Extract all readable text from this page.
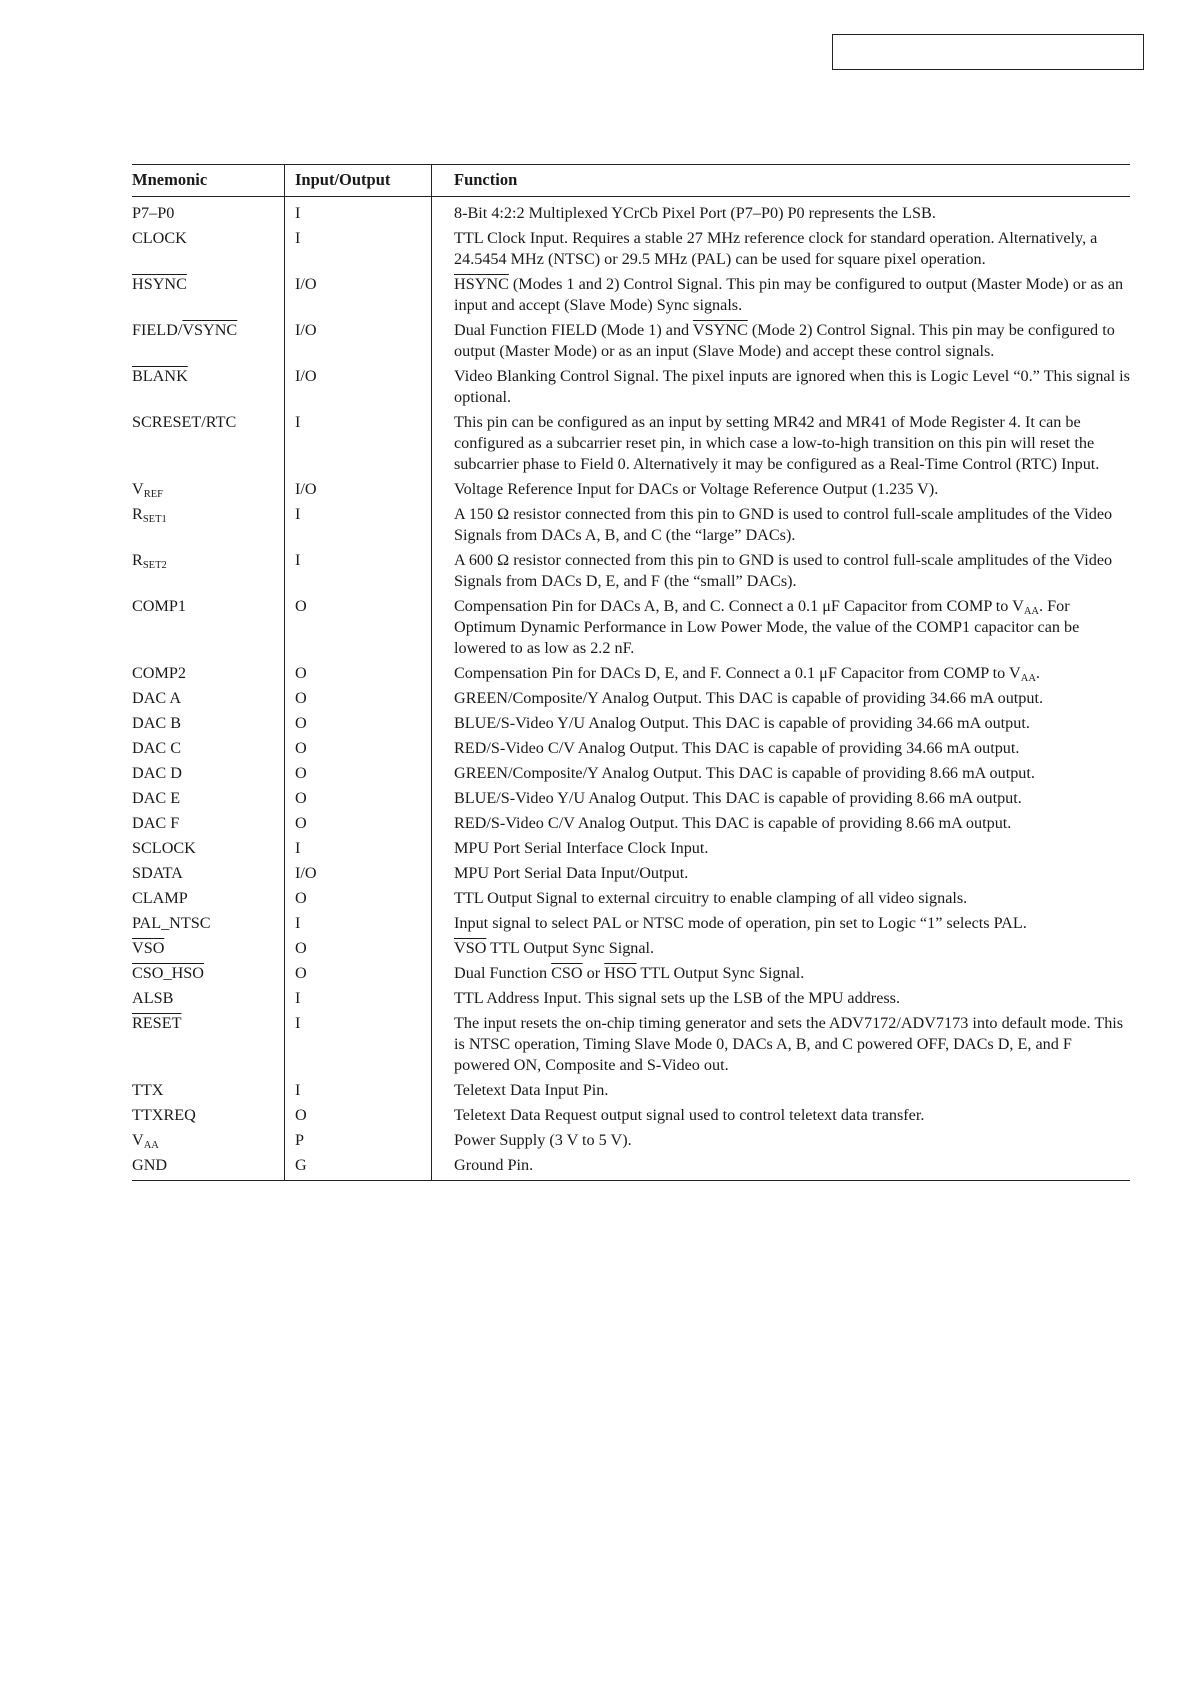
Mnemonic	Input/Output	Function
P7–P0	I	8-Bit 4:2:2 Multiplexed YCrCb Pixel Port (P7–P0) P0 represents the LSB.
CLOCK	I	TTL Clock Input. Requires a stable 27 MHz reference clock for standard operation. Alternatively, a 24.5454 MHz (NTSC) or 29.5 MHz (PAL) can be used for square pixel operation.
HSYNC	I/O	HSYNC (Modes 1 and 2) Control Signal. This pin may be configured to output (Master Mode) or as an input and accept (Slave Mode) Sync signals.
FIELD/VSYNC	I/O	Dual Function FIELD (Mode 1) and VSYNC (Mode 2) Control Signal. This pin may be configured to output (Master Mode) or as an input (Slave Mode) and accept these control signals.
BLANK	I/O	Video Blanking Control Signal. The pixel inputs are ignored when this is Logic Level “0.” This signal is optional.
SCRESET/RTC	I	This pin can be configured as an input by setting MR42 and MR41 of Mode Register 4. It can be configured as a subcarrier reset pin, in which case a low-to-high transition on this pin will reset the subcarrier phase to Field 0. Alternatively it may be configured as a Real-Time Control (RTC) Input.
$V_{REF}$	I/O	Voltage Reference Input for DACs or Voltage Reference Output (1.235 V).
$R_{SET1}$	I	A 150 Ω resistor connected from this pin to GND is used to control full-scale amplitudes of the Video Signals from DACs A, B, and C (the “large” DACs).
$R_{SET2}$	I	A 600 Ω resistor connected from this pin to GND is used to control full-scale amplitudes of the Video Signals from DACs D, E, and F (the “small” DACs).
COMP1	O	Compensation Pin for DACs A, B, and C. Connect a 0.1 μF Capacitor from COMP to $V_{AA}$. For Optimum Dynamic Performance in Low Power Mode, the value of the COMP1 capacitor can be lowered to as low as 2.2 nF.
COMP2	O	Compensation Pin for DACs D, E, and F. Connect a 0.1 μF Capacitor from COMP to $V_{AA}$.
DAC A	O	GREEN/Composite/Y Analog Output. This DAC is capable of providing 34.66 mA output.
DAC B	O	BLUE/S-Video Y/U Analog Output. This DAC is capable of providing 34.66 mA output.
DAC C	O	RED/S-Video C/V Analog Output. This DAC is capable of providing 34.66 mA output.
DAC D	O	GREEN/Composite/Y Analog Output. This DAC is capable of providing 8.66 mA output.
DAC E	O	BLUE/S-Video Y/U Analog Output. This DAC is capable of providing 8.66 mA output.
DAC F	O	RED/S-Video C/V Analog Output. This DAC is capable of providing 8.66 mA output.
SCLOCK	I	MPU Port Serial Interface Clock Input.
SDATA	I/O	MPU Port Serial Data Input/Output.
CLAMP	O	TTL Output Signal to external circuitry to enable clamping of all video signals.
PAL_NTSC	I	Input signal to select PAL or NTSC mode of operation, pin set to Logic “1” selects PAL.
$\overline{VSO}$	O	$\overline{VSO}$ TTL Output Sync Signal.
CSO_HSO	O	Dual Function $\overline{CSO}$ or $\overline{HSO}$ TTL Output Sync Signal.
ALSB	I	TTL Address Input. This signal sets up the LSB of the MPU address.
RESET	I	The input resets the on-chip timing generator and sets the ADV7172/ADV7173 into default mode. This is NTSC operation, Timing Slave Mode 0, DACs A, B, and C powered OFF, DACs D, E, and F powered ON, Composite and S-Video out.
TTX	I	Teletext Data Input Pin.
TTXREQ	O	Teletext Data Request output signal used to control teletext data transfer.
$V_{AA}$	P	Power Supply (3 V to 5 V).
GND	G	Ground Pin.
